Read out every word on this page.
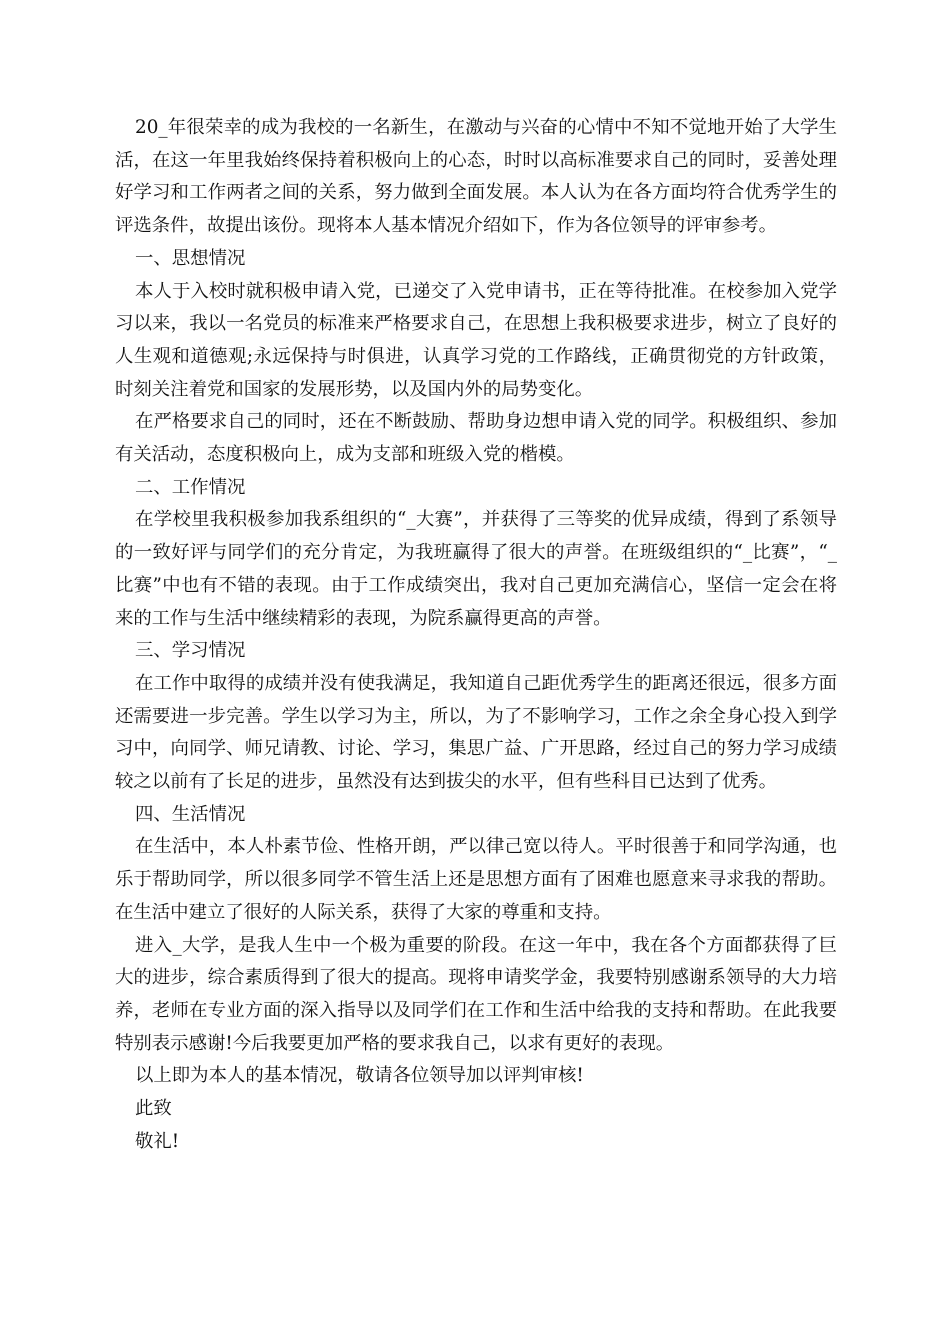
20_年很荣幸的成为我校的一名新生，在激动与兴奋的心情中不知不觉地开始了大学生活，在这一年里我始终保持着积极向上的心态，时时以高标准要求自己的同时，妥善处理好学习和工作两者之间的关系，努力做到全面发展。本人认为在各方面均符合优秀学生的评选条件，故提出该份。现将本人基本情况介绍如下，作为各位领导的评审参考。

一、思想情况

本人于入校时就积极申请入党，已递交了入党申请书，正在等待批准。在校参加入党学习以来，我以一名党员的标准来严格要求自己，在思想上我积极要求进步，树立了良好的人生观和道德观;永远保持与时俱进，认真学习党的工作路线，正确贯彻党的方针政策，时刻关注着党和国家的发展形势，以及国内外的局势变化。

在严格要求自己的同时，还在不断鼓励、帮助身边想申请入党的同学。积极组织、参加有关活动，态度积极向上，成为支部和班级入党的楷模。

二、工作情况

在学校里我积极参加我系组织的“_大赛”，并获得了三等奖的优异成绩，得到了系领导的一致好评与同学们的充分肯定，为我班赢得了很大的声誉。在班级组织的“_比赛”，“_比赛”中也有不错的表现。由于工作成绩突出，我对自己更加充满信心，坚信一定会在将来的工作与生活中继续精彩的表现，为院系赢得更高的声誉。

三、学习情况

在工作中取得的成绩并没有使我满足，我知道自己距优秀学生的距离还很远，很多方面还需要进一步完善。学生以学习为主，所以，为了不影响学习，工作之余全身心投入到学习中，向同学、师兄请教、讨论、学习，集思广益、广开思路，经过自己的努力学习成绩较之以前有了长足的进步，虽然没有达到拔尖的水平，但有些科目已达到了优秀。

四、生活情况

在生活中，本人朴素节俭、性格开朗，严以律己宽以待人。平时很善于和同学沟通，也乐于帮助同学，所以很多同学不管生活上还是思想方面有了困难也愿意来寻求我的帮助。在生活中建立了很好的人际关系，获得了大家的尊重和支持。

进入_大学，是我人生中一个极为重要的阶段。在这一年中，我在各个方面都获得了巨大的进步，综合素质得到了很大的提高。现将申请奖学金，我要特别感谢系领导的大力培养，老师在专业方面的深入指导以及同学们在工作和生活中给我的支持和帮助。在此我要特别表示感谢!今后我要更加严格的要求我自己，以求有更好的表现。

以上即为本人的基本情况，敬请各位领导加以评判审核!

此致

敬礼!
